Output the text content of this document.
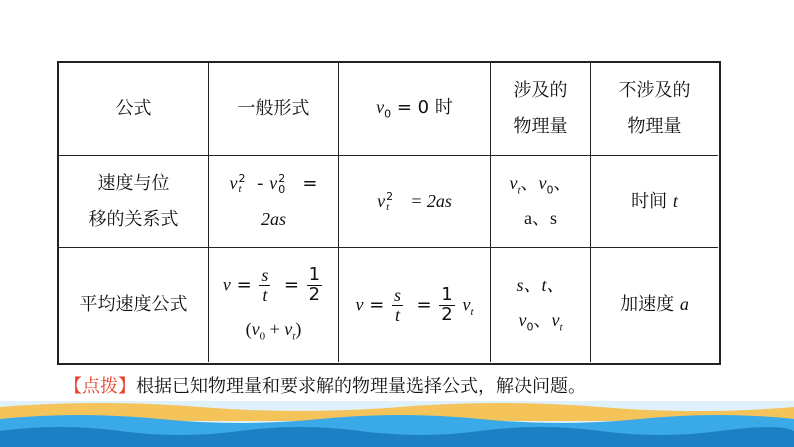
公式	一般形式	$v_0 = 0$ 时
涉及的
物理量
不涉及的
物理量
速度与位
移的关系式
v 2
t - v 2
0 =
2as
v 2
t = 2as
$v_t$、$v_0$、
a、s
时间 t
平均速度公式
$v = \frac{s}{t} = \frac{1}{2}$
$(v_0 + v_t)$
$v = \frac{s}{t} = \frac{1}{2} v_t$
s、t、
$v_0$、$v_t$
加速度 a
【点拨】根据已知物理量和要求解的物理量选择公式，解决问题。
